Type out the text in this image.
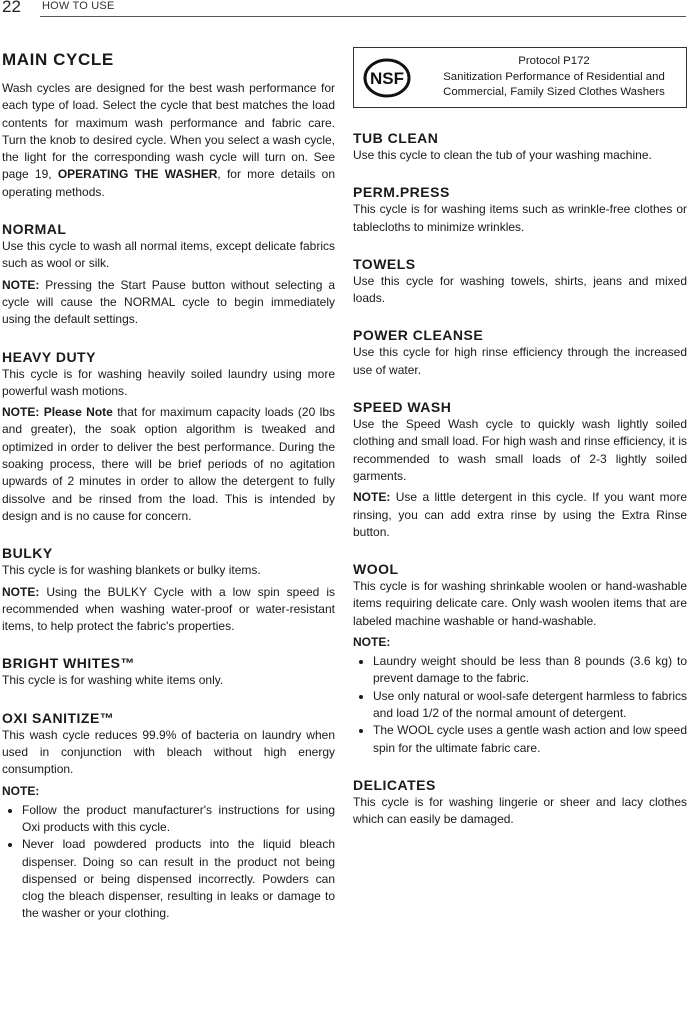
22 HOW TO USE
MAIN CYCLE

Wash cycles are designed for the best wash performance for each type of load. Select the cycle that best matches the load contents for maximum wash performance and fabric care. Turn the knob to desired cycle. When you select a wash cycle, the light for the corresponding wash cycle will turn on. See page 19, OPERATING THE WASHER, for more details on operating methods.

NORMAL

Use this cycle to wash all normal items, except delicate fabrics such as wool or silk.

NOTE: Pressing the Start Pause button without selecting a cycle will cause the NORMAL cycle to begin immediately using the default settings.

HEAVY DUTY

This cycle is for washing heavily soiled laundry using more powerful wash motions.

NOTE: Please Note that for maximum capacity loads (20 lbs and greater), the soak option algorithm is tweaked and optimized in order to deliver the best performance. During the soaking process, there will be brief periods of no agitation upwards of 2 minutes in order to allow the detergent to fully dissolve and be rinsed from the load. This is intended by design and is no cause for concern.

BULKY

This cycle is for washing blankets or bulky items.

NOTE: Using the BULKY Cycle with a low spin speed is recommended when washing water-proof or water-resistant items, to help protect the fabric's properties.

BRIGHT WHITES™

This cycle is for washing white items only.

OXI SANITIZE™

This wash cycle reduces 99.9% of bacteria on laundry when used in conjunction with bleach without high energy consumption.

NOTE:
• Follow the product manufacturer's instructions for using Oxi products with this cycle.
• Never load powdered products into the liquid bleach dispenser. Doing so can result in the product not being dispensed or being dispensed incorrectly. Powders can clog the bleach dispenser, resulting in leaks or damage to the washer or your clothing.
NSF
Protocol P172
Sanitization Performance of Residential and
Commercial, Family Sized Clothes Washers
TUB CLEAN

Use this cycle to clean the tub of your washing machine.

PERM.PRESS

This cycle is for washing items such as wrinkle-free clothes or tablecloths to minimize wrinkles.

TOWELS

Use this cycle for washing towels, shirts, jeans and mixed loads.

POWER CLEANSE

Use this cycle for high rinse efficiency through the increased use of water.

SPEED WASH

Use the Speed Wash cycle to quickly wash lightly soiled clothing and small load. For high wash and rinse efficiency, it is recommended to wash small loads of 2-3 lightly soiled garments.

NOTE: Use a little detergent in this cycle. If you want more rinsing, you can add extra rinse by using the Extra Rinse button.

WOOL

This cycle is for washing shrinkable woolen or hand-washable items requiring delicate care. Only wash woolen items that are labeled machine washable or hand-washable.

NOTE:
• Laundry weight should be less than 8 pounds (3.6 kg) to prevent damage to the fabric.
• Use only natural or wool-safe detergent harmless to fabrics and load 1/2 of the normal amount of detergent.
• The WOOL cycle uses a gentle wash action and low speed spin for the ultimate fabric care.
DELICATES

This cycle is for washing lingerie or sheer and lacy clothes which can easily be damaged.
